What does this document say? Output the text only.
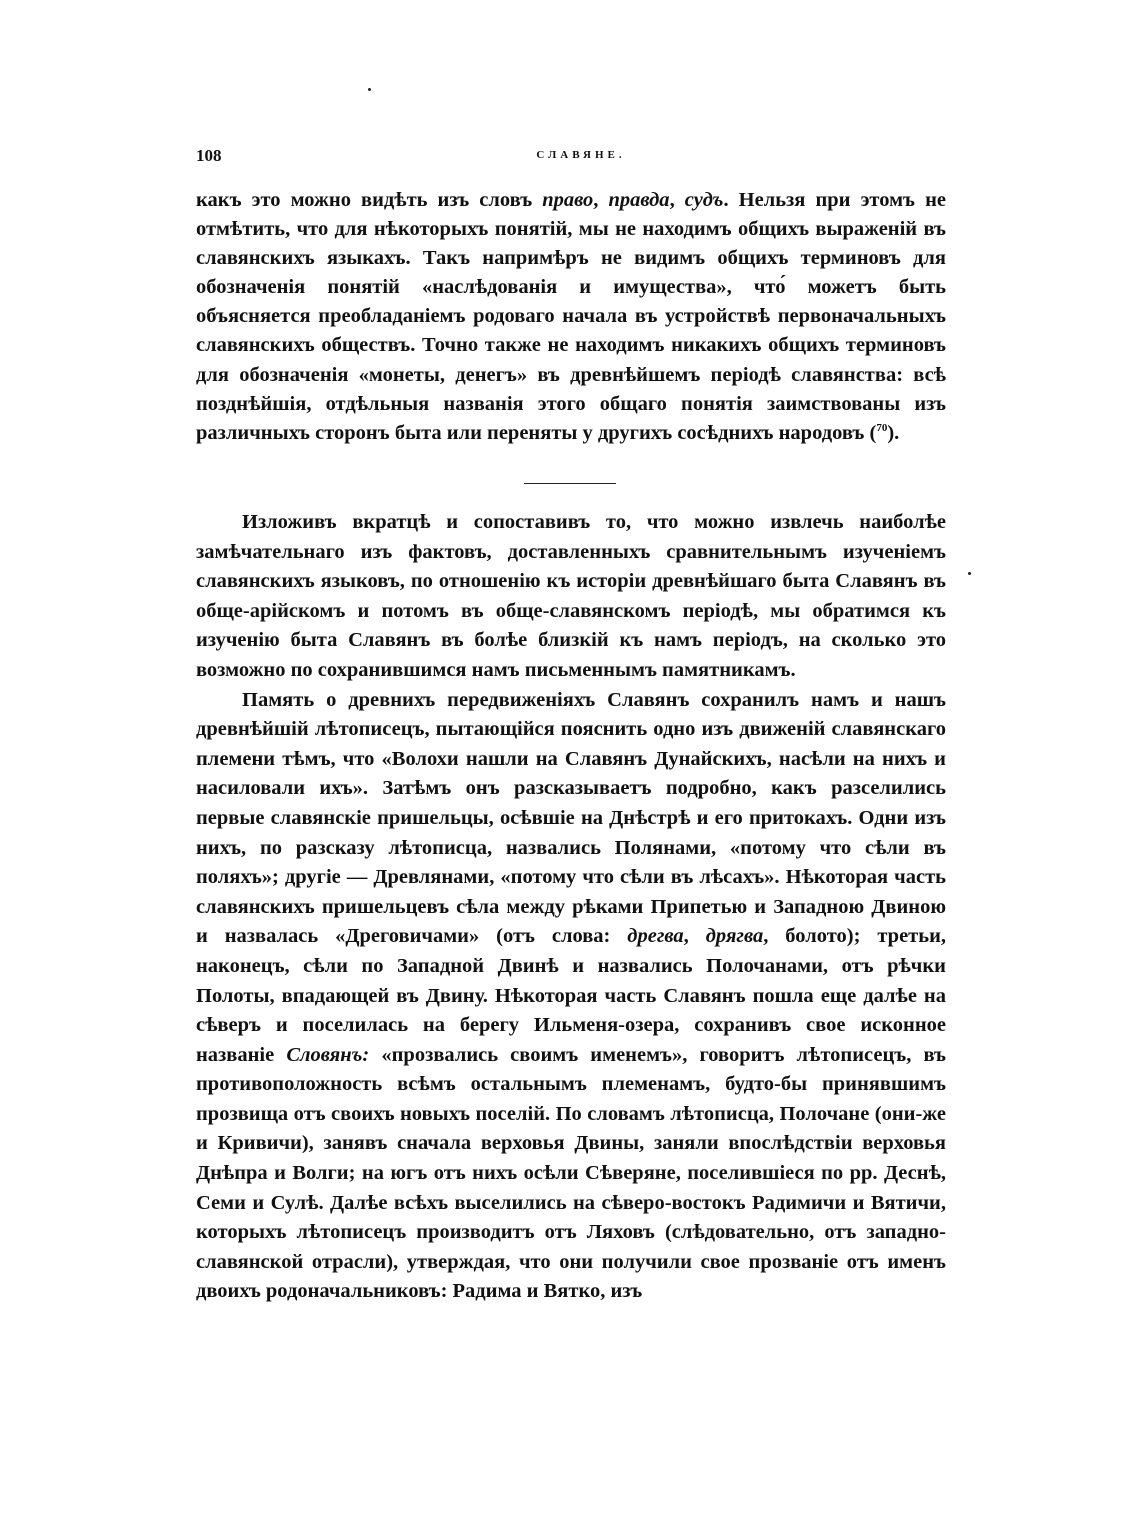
108	СЛАВЯНЕ.

какъ это можно видѣть изъ словъ право, правда, судъ. Нельзя при этомъ не отмѣтить, что для нѣкоторыхъ понятій, мы не находимъ общихъ выраженій въ славянскихъ языкахъ. Такъ напримѣръ не видимъ общихъ терминовъ для обозначенія понятій «наслѣдованія и имущества», что́ можетъ быть объясняется преобладаніемъ родоваго начала въ устройствѣ первоначальныхъ славянскихъ обществъ. Точно также не находимъ никакихъ общихъ терминовъ для обозначенія «монеты, денегъ» въ древнѣйшемъ періодѣ славянства: всѣ позднѣйшія, отдѣльныя названія этого общаго понятія заимствованы изъ различныхъ сторонъ быта или переняты у другихъ сосѣднихъ народовъ ($^{70}$).

Изложивъ вкратцѣ и сопоставивъ то, что можно извлечь наиболѣе замѣчательнаго изъ фактовъ, доставленныхъ сравнительнымъ изученіемъ славянскихъ языковъ, по отношенію къ исторіи древнѣйшаго быта Славянъ въ обще-арійскомъ и потомъ въ обще-славянскомъ періодѣ, мы обратимся къ изученію быта Славянъ въ болѣе близкій къ намъ періодъ, на сколько это возможно по сохранившимся намъ письменнымъ памятникамъ.

Память о древнихъ передвиженіяхъ Славянъ сохранилъ намъ и нашъ древнѣйшій лѣтописецъ, пытающійся пояснить одно изъ движеній славянскаго племени тѣмъ, что «Волохи нашли на Славянъ Дунайскихъ, насѣли на нихъ и насиловали ихъ». Затѣмъ онъ разсказываетъ подробно, какъ разселились первые славянскіе пришельцы, осѣвшіе на Днѣстрѣ и его притокахъ. Одни изъ нихъ, по разсказу лѣтописца, назвались Полянами, «потому что сѣли въ поляхъ»; другіе — Древлянами, «потому что сѣли въ лѣсахъ». Нѣкоторая часть славянскихъ пришельцевъ сѣла между рѣками Припетью и Западною Двиною и назвалась «Дреговичами» (отъ слова: дрегва, дрягва, болото); третьи, наконецъ, сѣли по Западной Двинѣ и назвались Полочанами, отъ рѣчки Полоты, впадающей въ Двину. Нѣкоторая часть Славянъ пошла еще далѣе на сѣверъ и поселилась на берегу Ильменя-озера, сохранивъ свое исконное названіе Словянъ: «прозвались своимъ именемъ», говоритъ лѣтописецъ, въ противоположность всѣмъ остальнымъ племенамъ, будто-бы принявшимъ прозвища отъ своихъ новыхъ поселій. По словамъ лѣтописца, Полочане (они-же и Кривичи), занявъ сначала верховья Двины, заняли впослѣдствіи верховья Днѣпра и Волги; на югъ отъ нихъ осѣли Сѣверяне, поселившіеся по рр. Деснѣ, Семи и Сулѣ. Далѣе всѣхъ выселились на сѣверо-востокъ Радимичи и Вятичи, которыхъ лѣтописецъ производитъ отъ Ляховъ (слѣдовательно, отъ западно-славянской отрасли), утверждая, что они получили свое прозваніе отъ именъ двоихъ родоначальниковъ: Радима и Вятко, изъ
